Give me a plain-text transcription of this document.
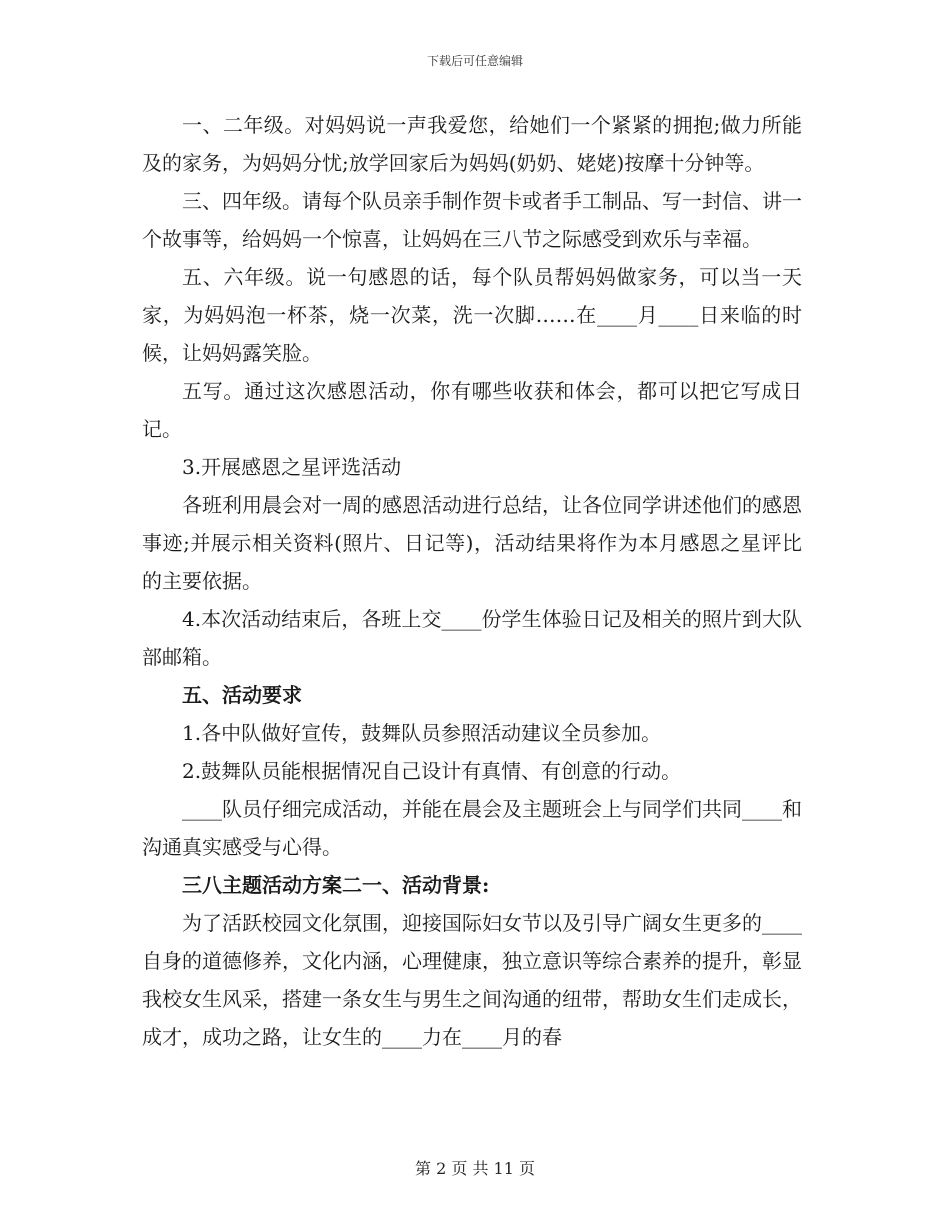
下载后可任意编辑

一、二年级。对妈妈说一声我爱您，给她们一个紧紧的拥抱;做力所能及的家务，为妈妈分忧;放学回家后为妈妈(奶奶、姥姥)按摩十分钟等。

三、四年级。请每个队员亲手制作贺卡或者手工制品、写一封信、讲一个故事等，给妈妈一个惊喜，让妈妈在三八节之际感受到欢乐与幸福。

五、六年级。说一句感恩的话，每个队员帮妈妈做家务，可以当一天家，为妈妈泡一杯茶，烧一次菜，洗一次脚……在____月____日来临的时候，让妈妈露笑脸。

五写。通过这次感恩活动，你有哪些收获和体会，都可以把它写成日记。

3.开展感恩之星评选活动

各班利用晨会对一周的感恩活动进行总结，让各位同学讲述他们的感恩事迹;并展示相关资料(照片、日记等)，活动结果将作为本月感恩之星评比的主要依据。

4.本次活动结束后，各班上交____份学生体验日记及相关的照片到大队部邮箱。

五、活动要求

1.各中队做好宣传，鼓舞队员参照活动建议全员参加。

2.鼓舞队员能根据情况自己设计有真情、有创意的行动。

____队员仔细完成活动，并能在晨会及主题班会上与同学们共同____和沟通真实感受与心得。

三八主题活动方案二一、活动背景:

为了活跃校园文化氛围，迎接国际妇女节以及引导广阔女生更多的____自身的道德修养，文化内涵，心理健康，独立意识等综合素养的提升，彰显我校女生风采，搭建一条女生与男生之间沟通的纽带，帮助女生们走成长，成才，成功之路，让女生的____力在____月的春

第 2 页 共 11 页
